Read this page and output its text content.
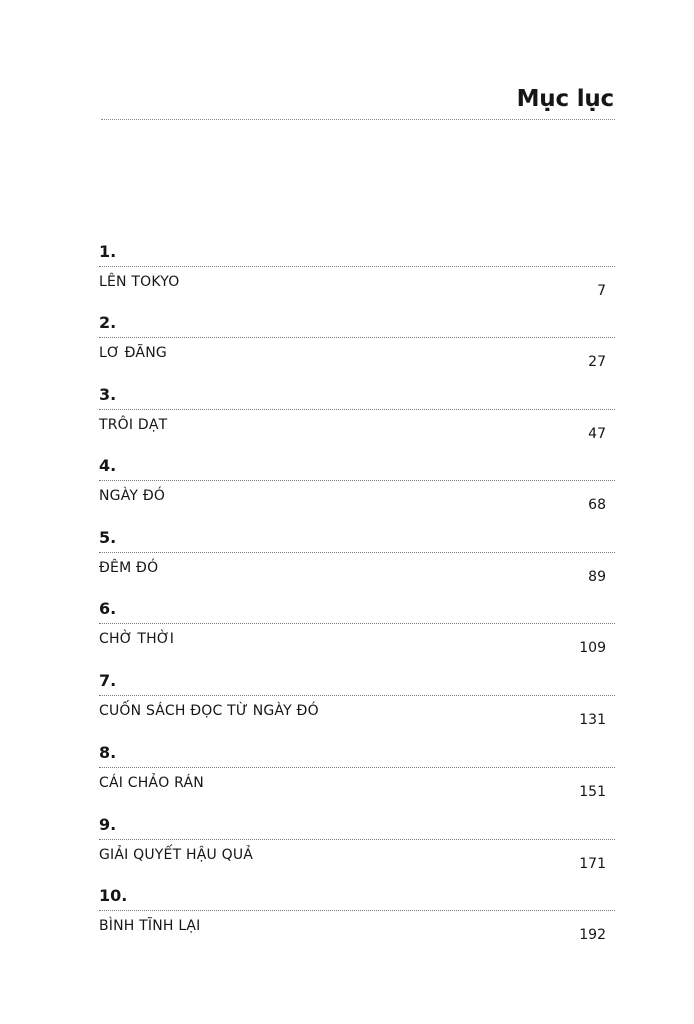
Mục lục
1.
LÊN TOKYO
7
2.
LƠ ĐÃNG
27
3.
TRÔI DẠT
47
4.
NGÀY ĐÓ
68
5.
ĐÊM ĐÓ
89
6.
CHỜ THỜI
109
7.
CUỐN SÁCH ĐỌC TỪ NGÀY ĐÓ
131
8.
CÁI CHẢO RÁN
151
9.
GIẢI QUYẾT HẬU QUẢ
171
10.
BÌNH TĨNH LẠI
192
